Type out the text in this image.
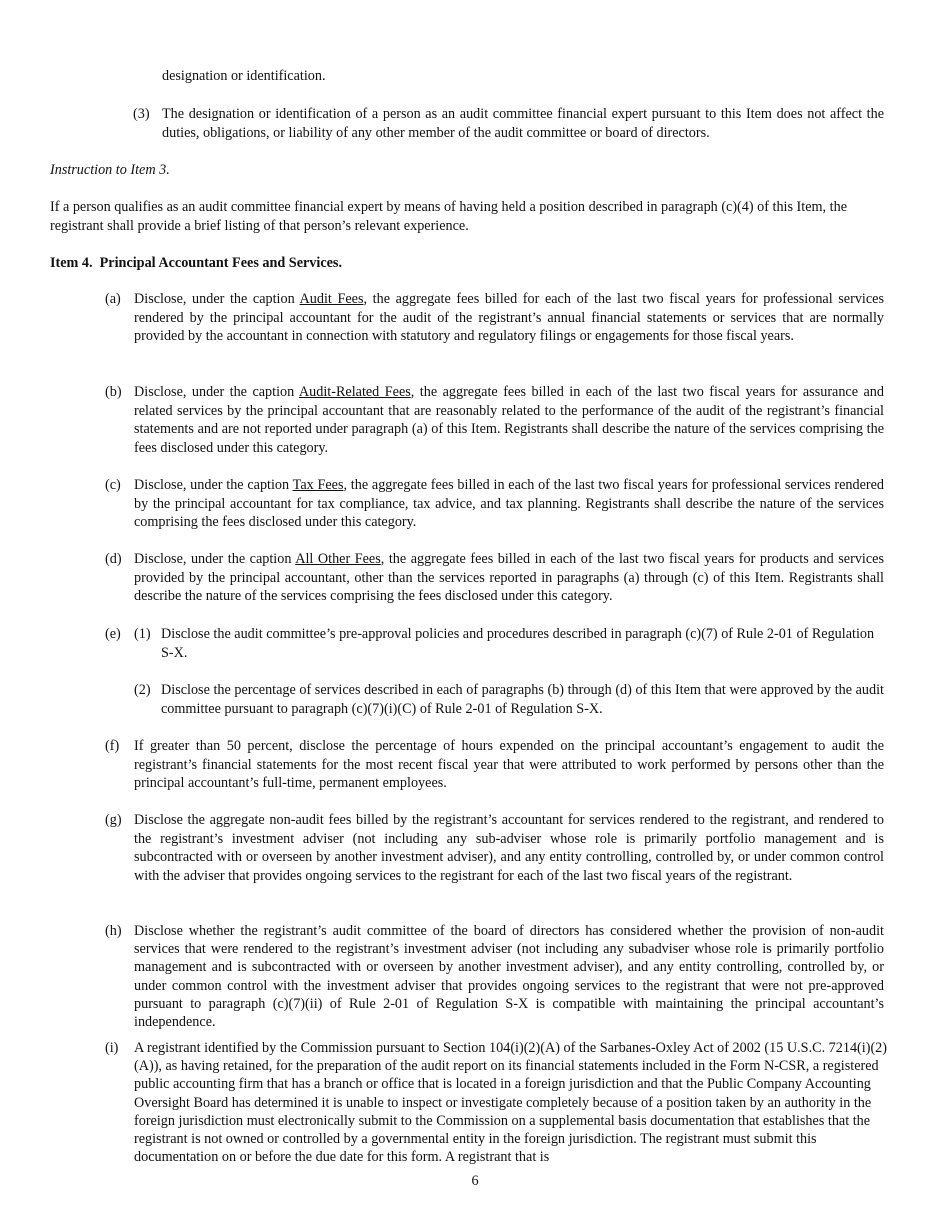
designation or identification.

(3) The designation or identification of a person as an audit committee financial expert pursuant to this Item does not affect the duties, obligations, or liability of any other member of the audit committee or board of directors.

Instruction to Item 3.

If a person qualifies as an audit committee financial expert by means of having held a position described in paragraph (c)(4) of this Item, the registrant shall provide a brief listing of that person’s relevant experience.

Item 4.  Principal Accountant Fees and Services.

(a) Disclose, under the caption Audit Fees, the aggregate fees billed for each of the last two fiscal years for professional services rendered by the principal accountant for the audit of the registrant’s annual financial statements or services that are normally provided by the accountant in connection with statutory and regulatory filings or engagements for those fiscal years.

(b) Disclose, under the caption Audit-Related Fees, the aggregate fees billed in each of the last two fiscal years for assurance and related services by the principal accountant that are reasonably related to the performance of the audit of the registrant’s financial statements and are not reported under paragraph (a) of this Item. Registrants shall describe the nature of the services comprising the fees disclosed under this category.

(c) Disclose, under the caption Tax Fees, the aggregate fees billed in each of the last two fiscal years for professional services rendered by the principal accountant for tax compliance, tax advice, and tax planning. Registrants shall describe the nature of the services comprising the fees disclosed under this category.

(d) Disclose, under the caption All Other Fees, the aggregate fees billed in each of the last two fiscal years for products and services provided by the principal accountant, other than the services reported in paragraphs (a) through (c) of this Item. Registrants shall describe the nature of the services comprising the fees disclosed under this category.

(e) (1) Disclose the audit committee’s pre-approval policies and procedures described in paragraph (c)(7) of Rule 2-01 of Regulation S-X.

(2) Disclose the percentage of services described in each of paragraphs (b) through (d) of this Item that were approved by the audit committee pursuant to paragraph (c)(7)(i)(C) of Rule 2-01 of Regulation S-X.

(f) If greater than 50 percent, disclose the percentage of hours expended on the principal accountant’s engagement to audit the registrant’s financial statements for the most recent fiscal year that were attributed to work performed by persons other than the principal accountant’s full-time, permanent employees.

(g) Disclose the aggregate non-audit fees billed by the registrant’s accountant for services rendered to the registrant, and rendered to the registrant’s investment adviser (not including any sub-adviser whose role is primarily portfolio management and is subcontracted with or overseen by another investment adviser), and any entity controlling, controlled by, or under common control with the adviser that provides ongoing services to the registrant for each of the last two fiscal years of the registrant.

(h) Disclose whether the registrant’s audit committee of the board of directors has considered whether the provision of non-audit services that were rendered to the registrant’s investment adviser (not including any subadviser whose role is primarily portfolio management and is subcontracted with or overseen by another investment adviser), and any entity controlling, controlled by, or under common control with the investment adviser that provides ongoing services to the registrant that were not pre-approved pursuant to paragraph (c)(7)(ii) of Rule 2-01 of Regulation S-X is compatible with maintaining the principal accountant’s independence.

(i) A registrant identified by the Commission pursuant to Section 104(i)(2)(A) of the Sarbanes-Oxley Act of 2002 (15 U.S.C. 7214(i)(2)(A)), as having retained, for the preparation of the audit report on its financial statements included in the Form N-CSR, a registered public accounting firm that has a branch or office that is located in a foreign jurisdiction and that the Public Company Accounting Oversight Board has determined it is unable to inspect or investigate completely because of a position taken by an authority in the foreign jurisdiction must electronically submit to the Commission on a supplemental basis documentation that establishes that the registrant is not owned or controlled by a governmental entity in the foreign jurisdiction. The registrant must submit this documentation on or before the due date for this form. A registrant that is

6
